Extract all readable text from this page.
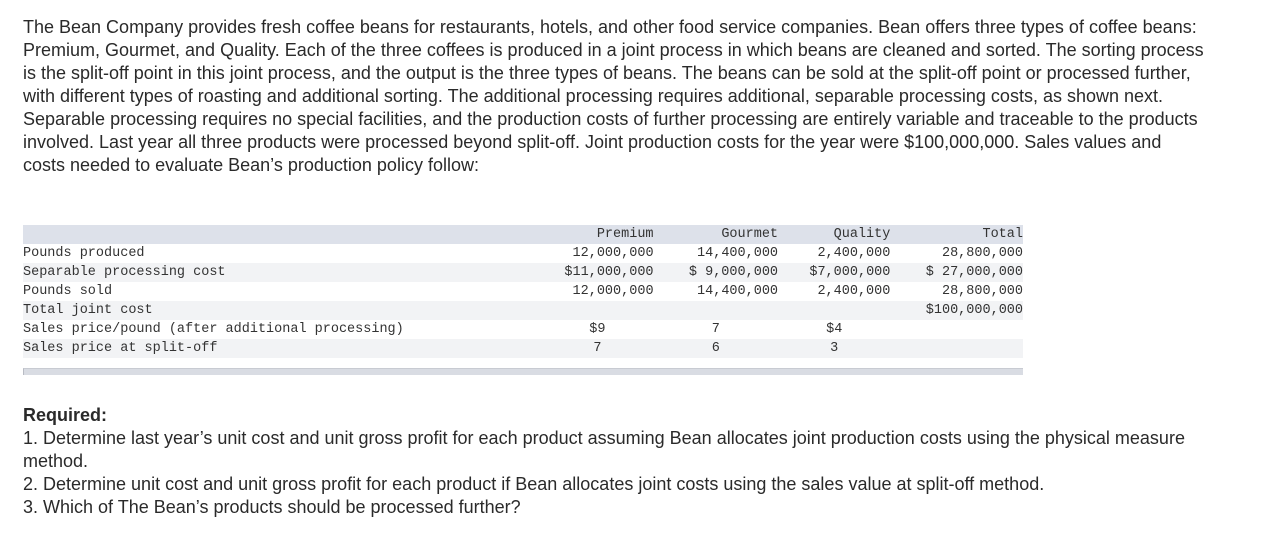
The Bean Company provides fresh coffee beans for restaurants, hotels, and other food service companies. Bean offers three types of coffee beans: Premium, Gourmet, and Quality. Each of the three coffees is produced in a joint process in which beans are cleaned and sorted. The sorting process is the split-off point in this joint process, and the output is the three types of beans. The beans can be sold at the split-off point or processed further, with different types of roasting and additional sorting. The additional processing requires additional, separable processing costs, as shown next. Separable processing requires no special facilities, and the production costs of further processing are entirely variable and traceable to the products involved. Last year all three products were processed beyond split-off. Joint production costs for the year were $100,000,000. Sales values and costs needed to evaluate Bean’s production policy follow:

	Premium	Gourmet	Quality	Total
Pounds produced	12,000,000	14,400,000	2,400,000	28,800,000
Separable processing cost	$11,000,000	$ 9,000,000	$7,000,000	$ 27,000,000
Pounds sold	12,000,000	14,400,000	2,400,000	28,800,000
Total joint cost				$100,000,000
Sales price/pound (after additional processing)	$9	7	$4	
Sales price at split-off	7	6	3	

Required:

1. Determine last year’s unit cost and unit gross profit for each product assuming Bean allocates joint production costs using the physical measure method.

2. Determine unit cost and unit gross profit for each product if Bean allocates joint costs using the sales value at split-off method.

3. Which of The Bean’s products should be processed further?
